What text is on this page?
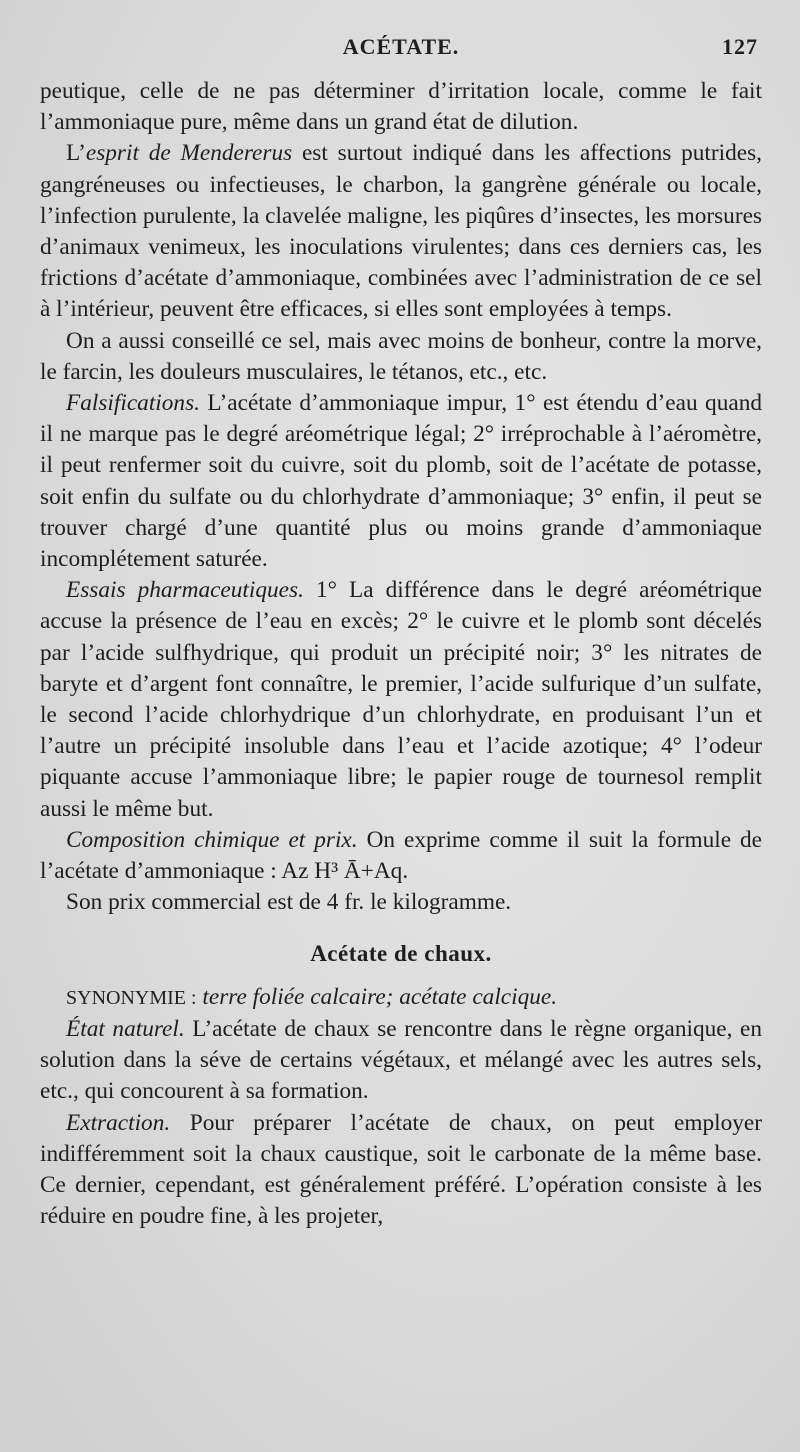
ACÉTATE.	127

peutique, celle de ne pas déterminer d’irritation locale, comme le fait l’ammoniaque pure, même dans un grand état de dilution.

L’esprit de Mendererus est surtout indiqué dans les affections putrides, gangréneuses ou infectieuses, le charbon, la gangrène générale ou locale, l’infection purulente, la clavelée maligne, les piqûres d’insectes, les morsures d’animaux venimeux, les inoculations virulentes; dans ces derniers cas, les frictions d’acétate d’ammoniaque, combinées avec l’administration de ce sel à l’intérieur, peuvent être efficaces, si elles sont employées à temps.

On a aussi conseillé ce sel, mais avec moins de bonheur, contre la morve, le farcin, les douleurs musculaires, le tétanos, etc., etc.

Falsifications. L’acétate d’ammoniaque impur, 1° est étendu d’eau quand il ne marque pas le degré aréométrique légal; 2° irréprochable à l’aéromètre, il peut renfermer soit du cuivre, soit du plomb, soit de l’acétate de potasse, soit enfin du sulfate ou du chlorhydrate d’ammoniaque; 3° enfin, il peut se trouver chargé d’une quantité plus ou moins grande d’ammoniaque incomplétement saturée.

Essais pharmaceutiques. 1° La différence dans le degré aréométrique accuse la présence de l’eau en excès; 2° le cuivre et le plomb sont décelés par l’acide sulfhydrique, qui produit un précipité noir; 3° les nitrates de baryte et d’argent font connaître, le premier, l’acide sulfurique d’un sulfate, le second l’acide chlorhydrique d’un chlorhydrate, en produisant l’un et l’autre un précipité insoluble dans l’eau et l’acide azotique; 4° l’odeur piquante accuse l’ammoniaque libre; le papier rouge de tournesol remplit aussi le même but.

Composition chimique et prix. On exprime comme il suit la formule de l’acétate d’ammoniaque : Az H³ Ā+Aq.

Son prix commercial est de 4 fr. le kilogramme.

Acétate de chaux.

SYNONYMIE : terre foliée calcaire; acétate calcique.

État naturel. L’acétate de chaux se rencontre dans le règne organique, en solution dans la séve de certains végétaux, et mélangé avec les autres sels, etc., qui concourent à sa formation.

Extraction. Pour préparer l’acétate de chaux, on peut employer indifféremment soit la chaux caustique, soit le carbonate de la même base. Ce dernier, cependant, est généralement préféré. L’opération consiste à les réduire en poudre fine, à les projeter,
